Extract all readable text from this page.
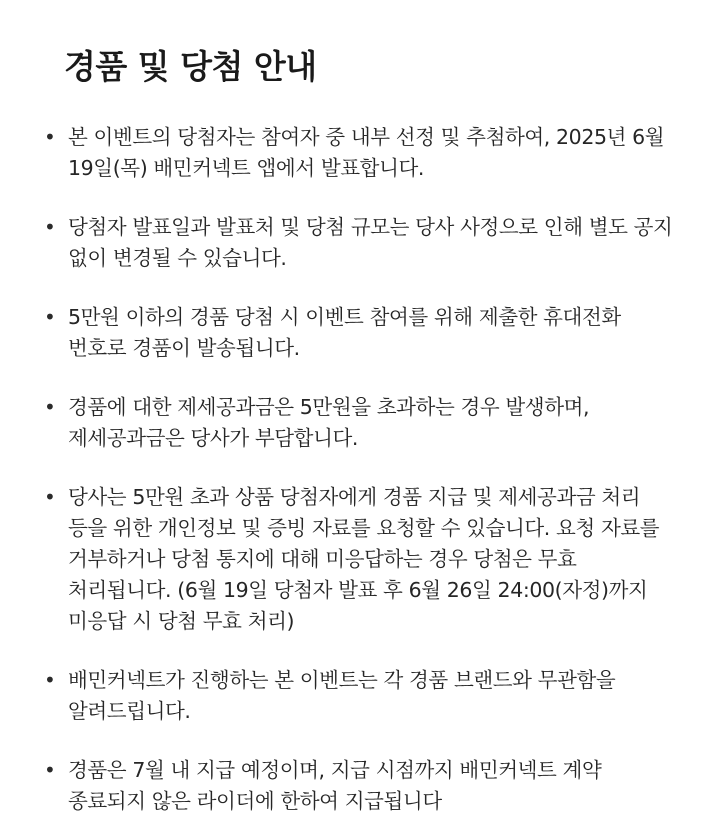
경품 및 당첨 안내
• 본 이벤트의 당첨자는 참여자 중 내부 선정 및 추첨하여, 2025년 6월 19일(목) 배민커넥트 앱에서 발표합니다.
• 당첨자 발표일과 발표처 및 당첨 규모는 당사 사정으로 인해 별도 공지 없이 변경될 수 있습니다.
• 5만원 이하의 경품 당첨 시 이벤트 참여를 위해 제출한 휴대전화 번호로 경품이 발송됩니다.
• 경품에 대한 제세공과금은 5만원을 초과하는 경우 발생하며, 제세공과금은 당사가 부담합니다.
• 당사는 5만원 초과 상품 당첨자에게 경품 지급 및 제세공과금 처리 등을 위한 개인정보 및 증빙 자료를 요청할 수 있습니다. 요청 자료를 거부하거나 당첨 통지에 대해 미응답하는 경우 당첨은 무효 처리됩니다. (6월 19일 당첨자 발표 후 6월 26일 24:00(자정)까지 미응답 시 당첨 무효 처리)
• 배민커넥트가 진행하는 본 이벤트는 각 경품 브랜드와 무관함을 알려드립니다.
• 경품은 7월 내 지급 예정이며, 지급 시점까지 배민커넥트 계약 종료되지 않은 라이더에 한하여 지급됩니다
